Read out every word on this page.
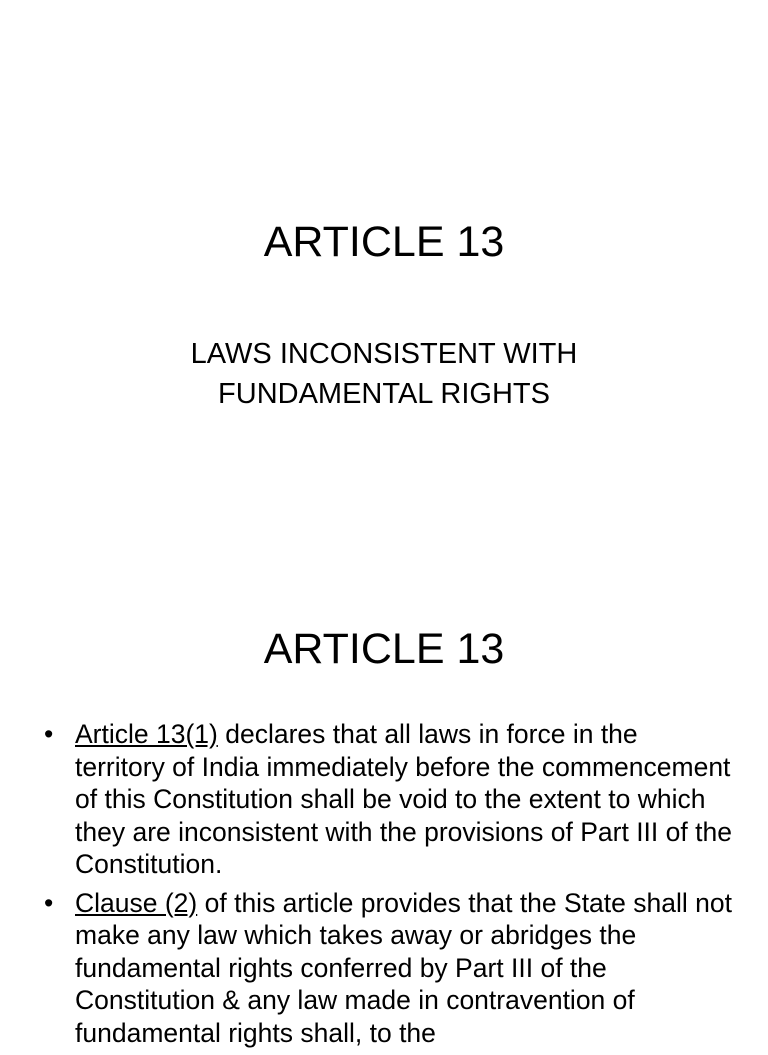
ARTICLE 13
LAWS INCONSISTENT WITH
FUNDAMENTAL RIGHTS
ARTICLE 13
• Article 13(1) declares that all laws in force in the territory of India immediately before the commencement of this Constitution shall be void to the extent to which they are inconsistent with the provisions of Part III of the Constitution.
• Clause (2) of this article provides that the State shall not make any law which takes away or abridges the fundamental rights conferred by Part III of the Constitution & any law made in contravention of fundamental rights shall, to the
